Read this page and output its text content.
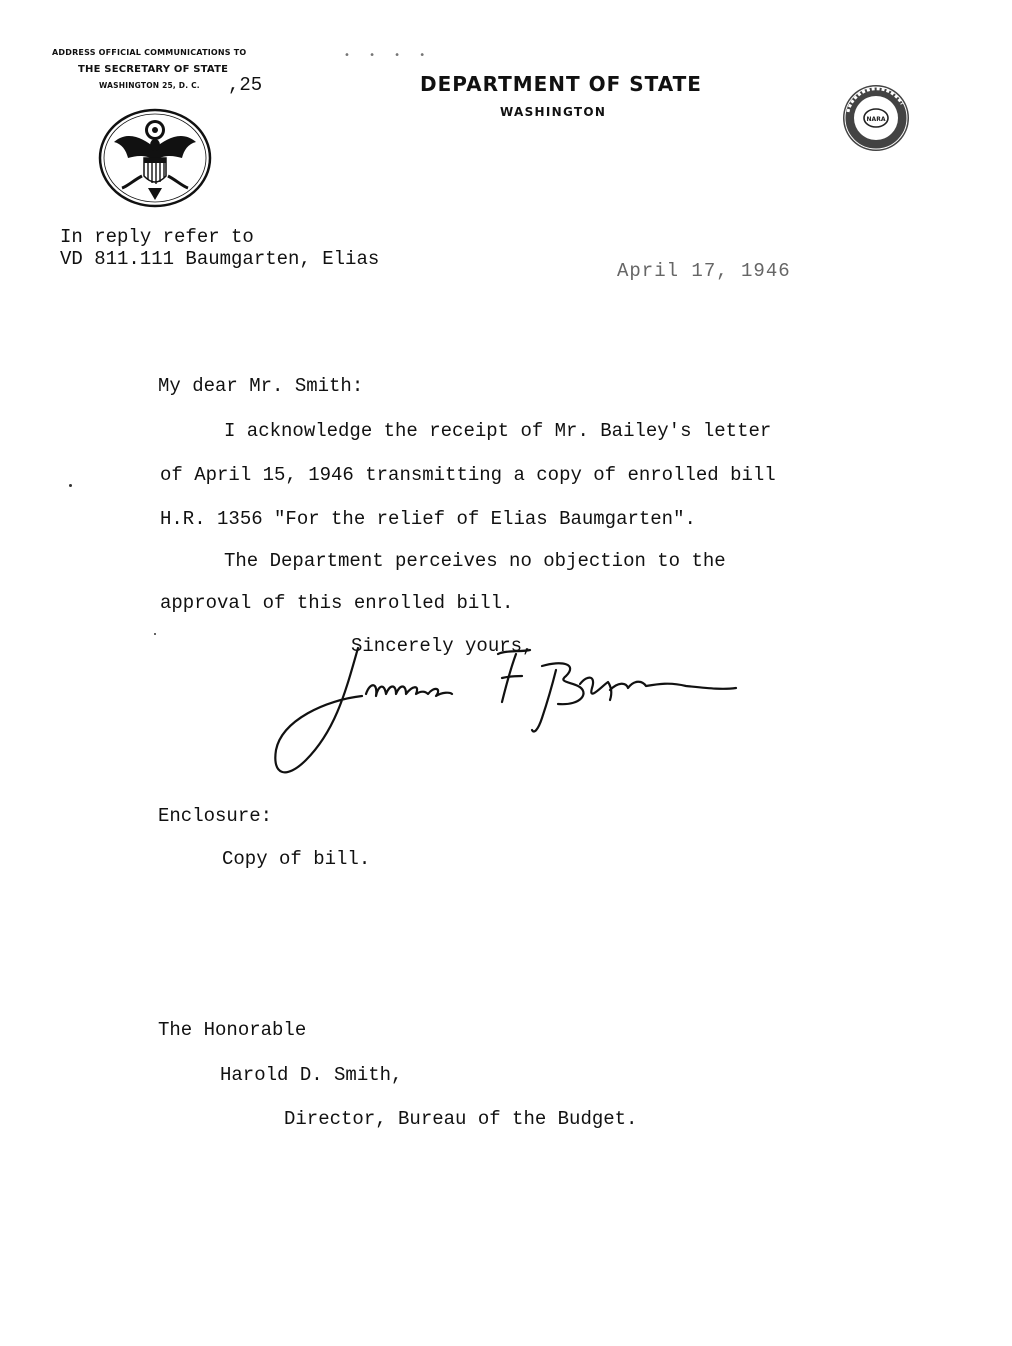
ADDRESS OFFICIAL COMMUNICATIONS TO
THE SECRETARY OF STATE
WASHINGTON 25, D. C. ,25
• • • •
DEPARTMENT OF STATE
WASHINGTON
NARA
In reply refer to
VD 811.111 Baumgarten, Elias
April 17, 1946
My dear Mr. Smith:
I acknowledge the receipt of Mr. Bailey's letter
of April 15, 1946 transmitting a copy of enrolled bill
H.R. 1356 "For the relief of Elias Baumgarten".
The Department perceives no objection to the
approval of this enrolled bill.
Sincerely yours,
Enclosure:
Copy of bill.
The Honorable
Harold D. Smith,
Director, Bureau of the Budget.
